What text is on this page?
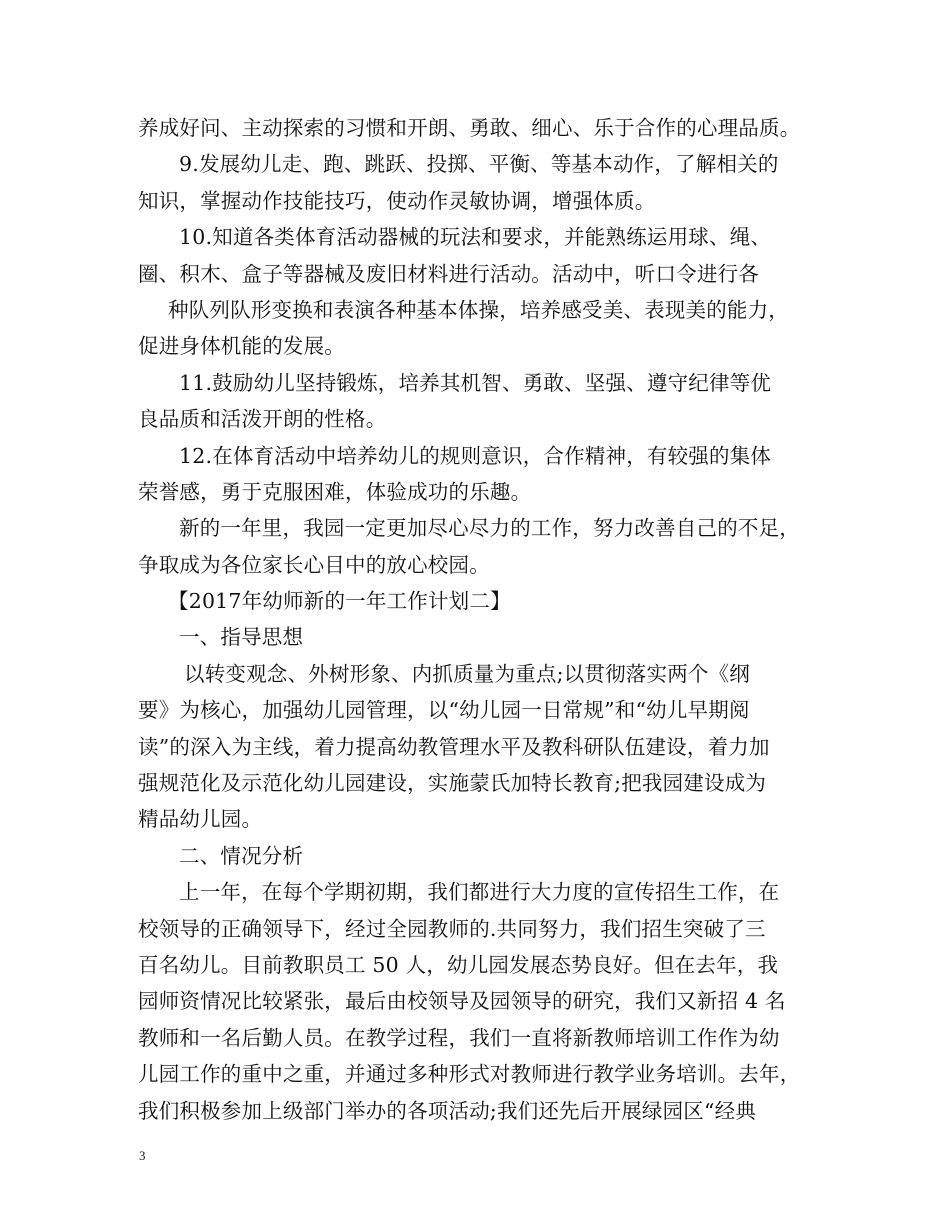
养成好问、主动探索的习惯和开朗、勇敢、细心、乐于合作的心理品质。
9.发展幼儿走、跑、跳跃、投掷、平衡、等基本动作，了解相关的
知识，掌握动作技能技巧，使动作灵敏协调，增强体质。
10.知道各类体育活动器械的玩法和要求，并能熟练运用球、绳、
圈、积木、盒子等器械及废旧材料进行活动。活动中，听口令进行各
种队列队形变换和表演各种基本体操，培养感受美、表现美的能力，
促进身体机能的发展。
11.鼓励幼儿坚持锻炼，培养其机智、勇敢、坚强、遵守纪律等优
良品质和活泼开朗的性格。
12.在体育活动中培养幼儿的规则意识，合作精神，有较强的集体
荣誉感，勇于克服困难，体验成功的乐趣。
新的一年里，我园一定更加尽心尽力的工作，努力改善自己的不足，
争取成为各位家长心目中的放心校园。
【2017年幼师新的一年工作计划二】
一、指导思想
以转变观念、外树形象、内抓质量为重点;以贯彻落实两个《纲
要》为核心，加强幼儿园管理，以“幼儿园一日常规”和“幼儿早期阅
读”的深入为主线，着力提高幼教管理水平及教科研队伍建设，着力加
强规范化及示范化幼儿园建设，实施蒙氏加特长教育;把我园建设成为
精品幼儿园。
二、情况分析
上一年，在每个学期初期，我们都进行大力度的宣传招生工作，在
校领导的正确领导下，经过全园教师的.共同努力，我们招生突破了三
百名幼儿。目前教职员工 50 人，幼儿园发展态势良好。但在去年，我
园师资情况比较紧张，最后由校领导及园领导的研究，我们又新招 4 名
教师和一名后勤人员。在教学过程，我们一直将新教师培训工作作为幼
儿园工作的重中之重，并通过多种形式对教师进行教学业务培训。去年，
我们积极参加上级部门举办的各项活动;我们还先后开展绿园区“经典
3
